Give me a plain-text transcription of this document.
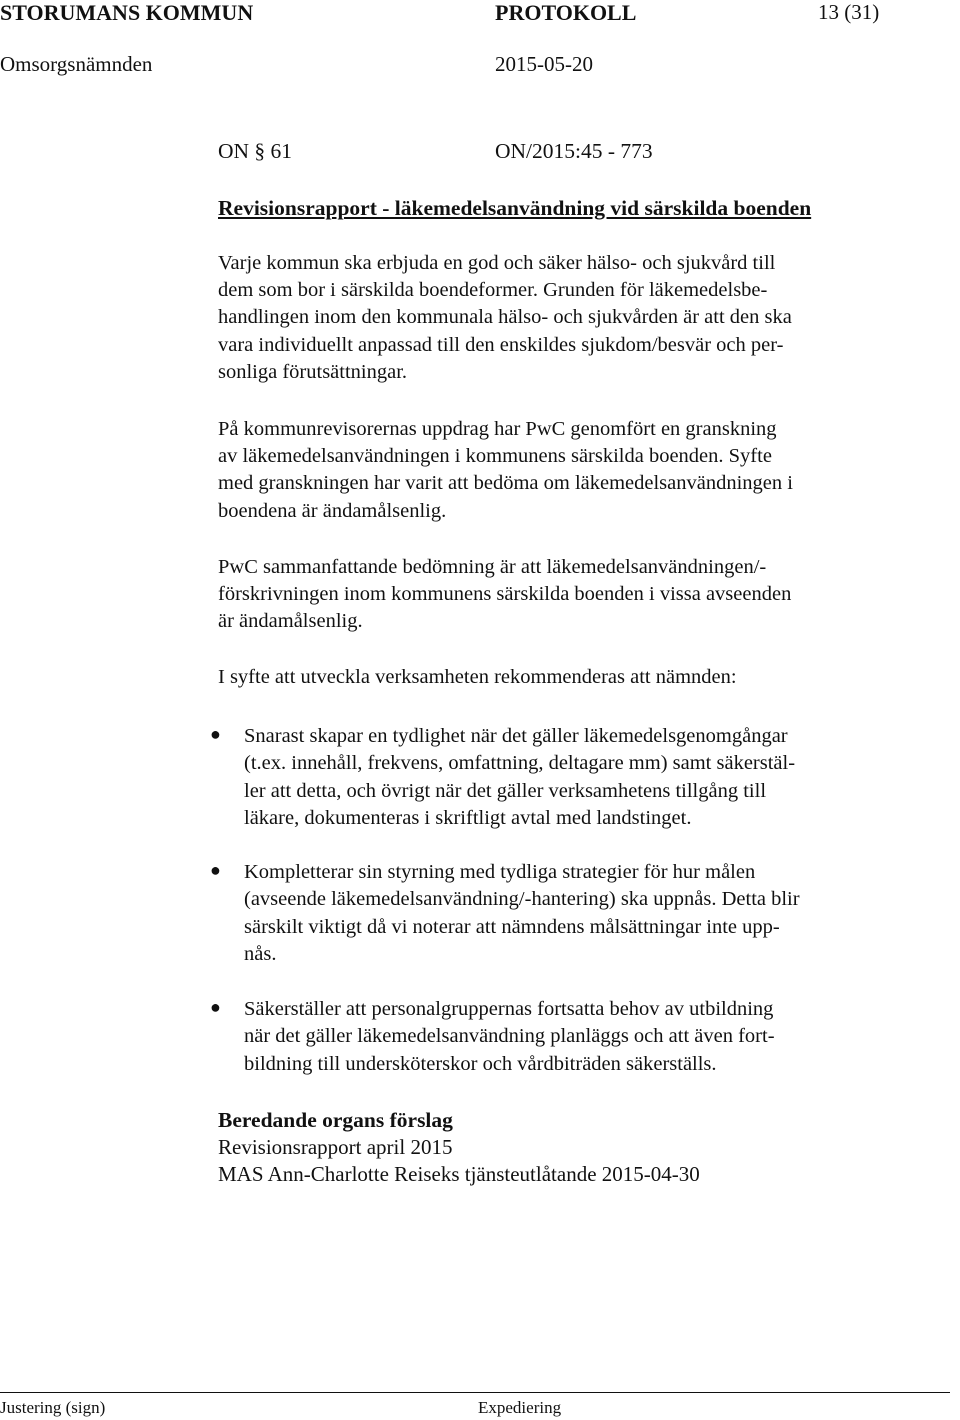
STORUMANS KOMMUN	PROTOKOLL	13 (31)
Omsorgsnämnden	2015-05-20
ON § 61	ON/2015:45 - 773
Revisionsrapport - läkemedelsanvändning vid särskilda boenden

Varje kommun ska erbjuda en god och säker hälso- och sjukvård till

dem som bor i särskilda boendeformer. Grunden för läkemedelsbe-

handlingen inom den kommunala hälso- och sjukvården är att den ska

vara individuellt anpassad till den enskildes sjukdom/besvär och per-

sonliga förutsättningar.

På kommunrevisorernas uppdrag har PwC genomfört en granskning

av läkemedelsanvändningen i kommunens särskilda boenden. Syfte

med granskningen har varit att bedöma om läkemedelsanvändningen i

boendena är ändamålsenlig.

PwC sammanfattande bedömning är att läkemedelsanvändningen/-

förskrivningen inom kommunens särskilda boenden i vissa avseenden

är ändamålsenlig.

I syfte att utveckla verksamheten rekommenderas att nämnden:

● Snarast skapar en tydlighet när det gäller läkemedelsgenomgångar
(t.ex. innehåll, frekvens, omfattning, deltagare mm) samt säkerstäl-
ler att detta, och övrigt när det gäller verksamhetens tillgång till
läkare, dokumenteras i skriftligt avtal med landstinget.
● Kompletterar sin styrning med tydliga strategier för hur målen
(avseende läkemedelsanvändning/-hantering) ska uppnås. Detta blir
särskilt viktigt då vi noterar att nämndens målsättningar inte upp-
nås.
● Säkerställer att personalgruppernas fortsatta behov av utbildning
när det gäller läkemedelsanvändning planläggs och att även fort-
bildning till undersköterskor och vårdbiträden säkerställs.
Beredande organs förslag
Revisionsrapport april 2015
MAS Ann-Charlotte Reiseks tjänsteutlåtande 2015-04-30
Justering (sign)	Expediering
